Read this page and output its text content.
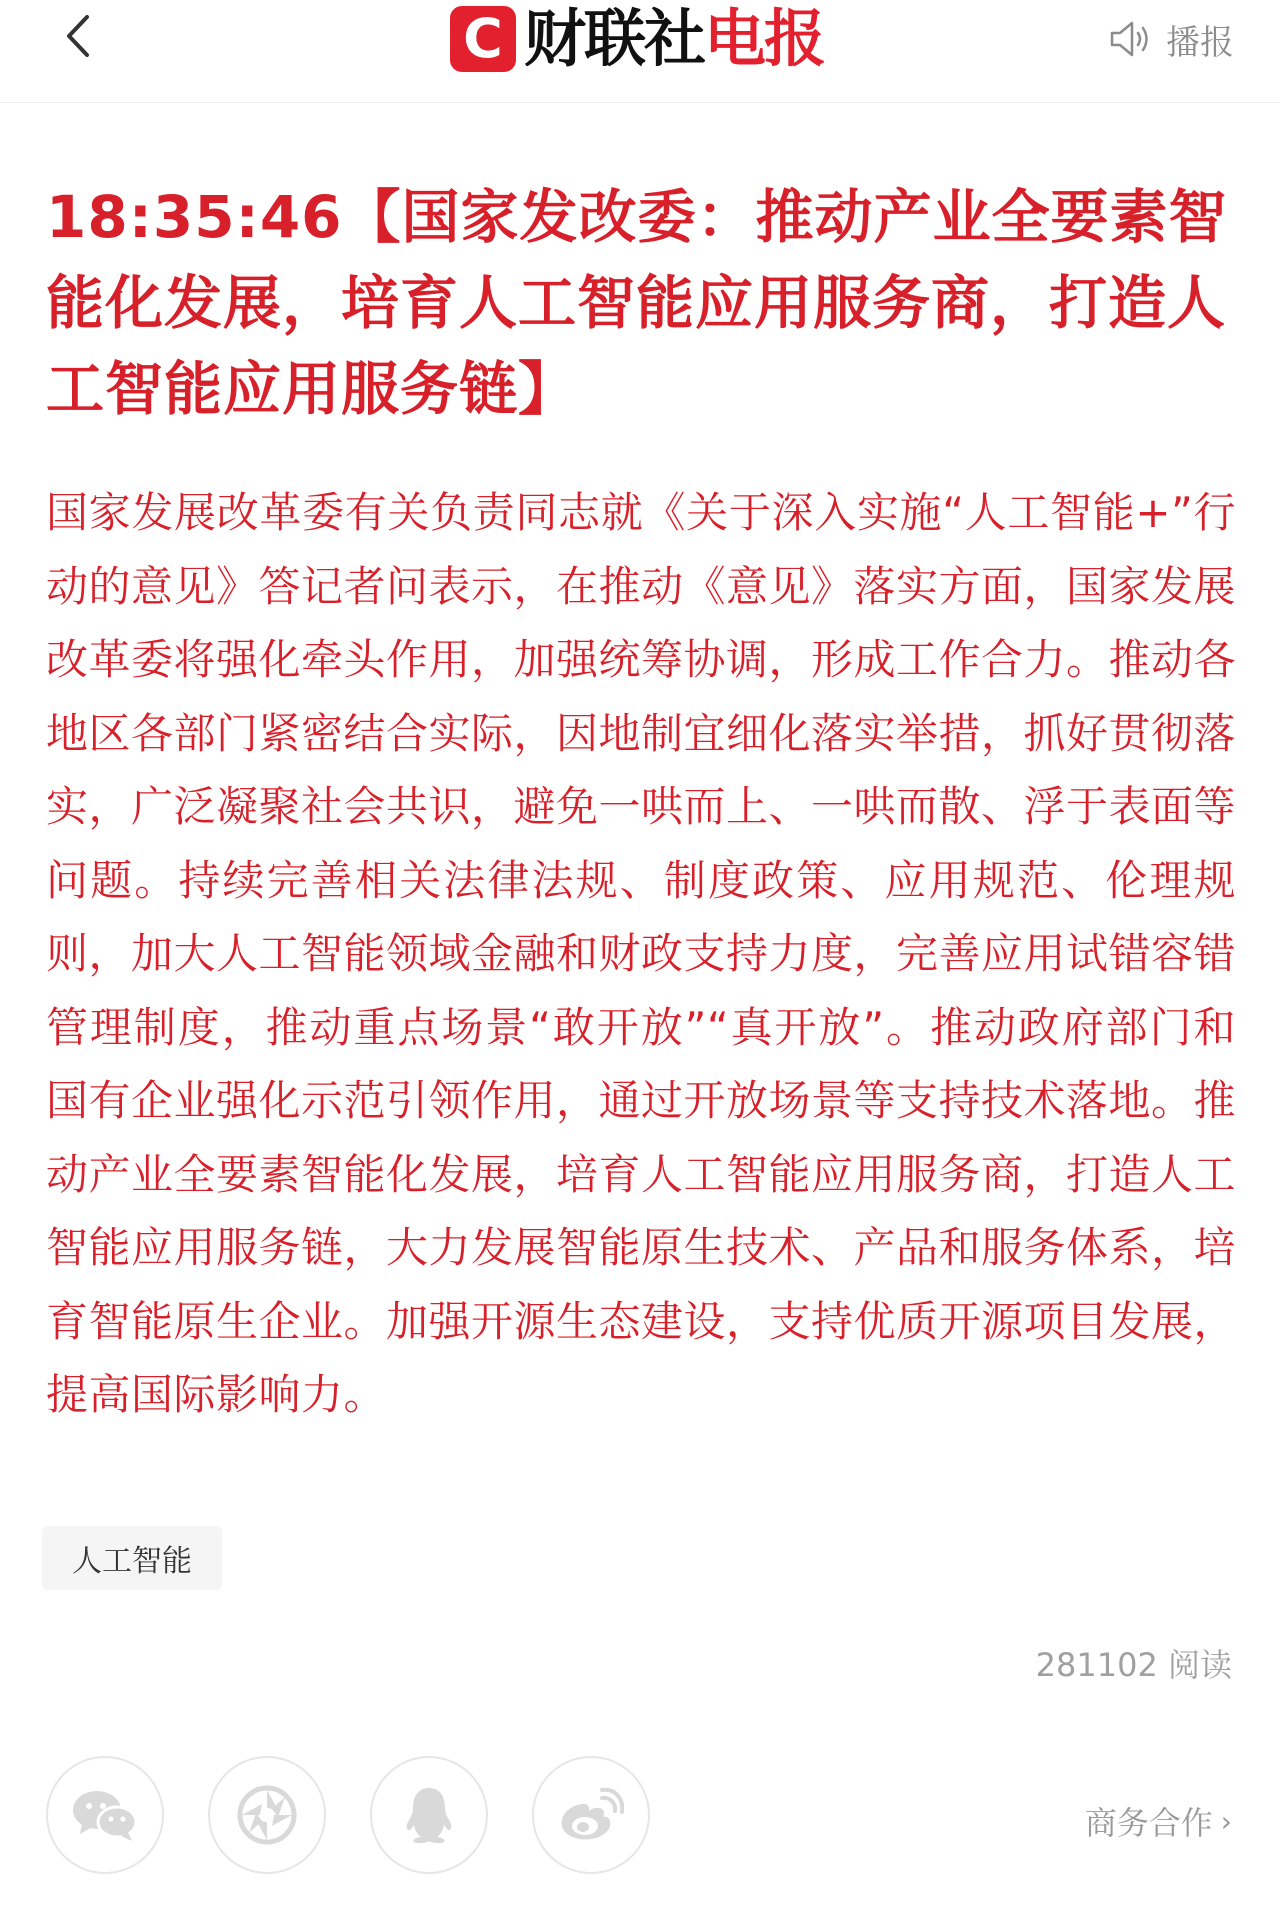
C 财联社电报	播报
18:35:46【国家发改委：推动产业全要素智能化发展，培育人工智能应用服务商，打造人工智能应用服务链】

国家发展改革委有关负责同志就《关于深入实施“人工智能+”行动的意见》答记者问表示，在推动《意见》落实方面，国家发展改革委将强化牵头作用，加强统筹协调，形成工作合力。推动各地区各部门紧密结合实际，因地制宜细化落实举措，抓好贯彻落实，广泛凝聚社会共识，避免一哄而上、一哄而散、浮于表面等问题。持续完善相关法律法规、制度政策、应用规范、伦理规则，加大人工智能领域金融和财政支持力度，完善应用试错容错管理制度，推动重点场景“敢开放”“真开放”。推动政府部门和国有企业强化示范引领作用，通过开放场景等支持技术落地。推动产业全要素智能化发展，培育人工智能应用服务商，打造人工智能应用服务链，大力发展智能原生技术、产品和服务体系，培育智能原生企业。加强开源生态建设，支持优质开源项目发展，提高国际影响力。

人工智能
281102 阅读
商务合作 ›
